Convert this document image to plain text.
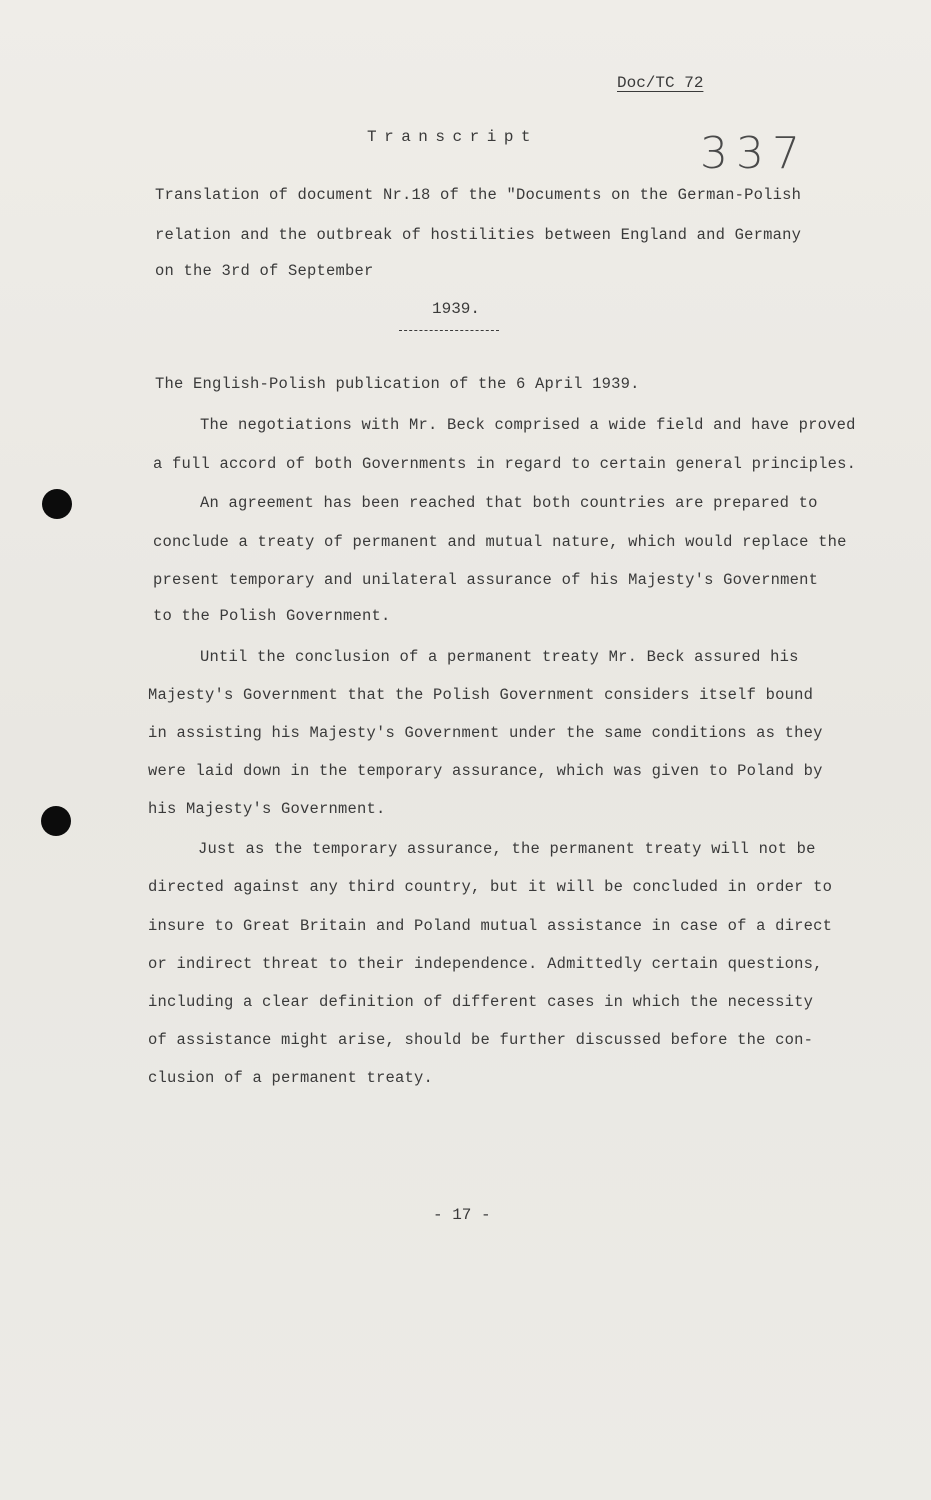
Doc/TC 72
337
Transcript
Translation of document Nr.18 of the "Documents on the German-Polish
relation and the outbreak of hostilities between England and Germany
on the 3rd of September
1939.
The English-Polish publication of the 6 April 1939.
The negotiations with Mr. Beck comprised a wide field and have proved
a full accord of both Governments in regard to certain general principles.
An agreement has been reached that both countries are prepared to
conclude a treaty of permanent and mutual nature, which would replace the
present temporary and unilateral assurance of his Majesty's Government
to the Polish Government.
Until the conclusion of a permanent treaty Mr. Beck assured his
Majesty's Government that the Polish Government considers itself bound
in assisting his Majesty's Government under the same conditions as they
were laid down in the temporary assurance, which was given to Poland by
his Majesty's Government.
Just as the temporary assurance, the permanent treaty will not be
directed against any third country, but it will be concluded in order to
insure to Great Britain and Poland mutual assistance in case of a direct
or indirect threat to their independence. Admittedly certain questions,
including a clear definition of different cases in which the necessity
of assistance might arise, should be further discussed before the con-
clusion of a permanent treaty.
- 17 -
